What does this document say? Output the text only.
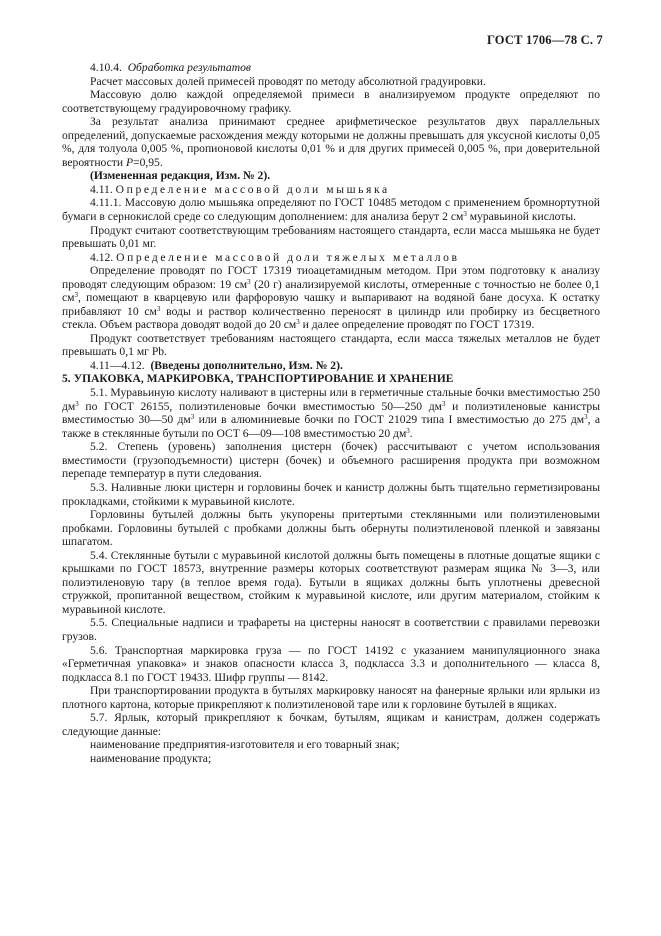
ГОСТ 1706—78 С. 7

4.10.4. Обработка результатов

Расчет массовых долей примесей проводят по методу абсолютной градуировки.

Массовую долю каждой определяемой примеси в анализируемом продукте определяют по соответствующему градуировочному графику.

За результат анализа принимают среднее арифметическое результатов двух параллельных определений, допускаемые расхождения между которыми не должны превышать для уксусной кислоты 0,05 %, для толуола 0,005 %, пропионовой кислоты 0,01 % и для других примесей 0,005 %, при доверительной вероятности P=0,95.

(Измененная редакция, Изм. № 2).

4.11. Определение массовой доли мышьяка

4.11.1. Массовую долю мышьяка определяют по ГОСТ 10485 методом с применением бромнортутной бумаги в сернокислой среде со следующим дополнением: для анализа берут 2 $см^3$ муравьиной кислоты.

Продукт считают соответствующим требованиям настоящего стандарта, если масса мышьяка не будет превышать 0,01 мг.

4.12. Определение массовой доли тяжелых металлов

Определение проводят по ГОСТ 17319 тиоацетамидным методом. При этом подготовку к анализу проводят следующим образом: 19 $см^3$ (20 г) анализируемой кислоты, отмеренные с точностью не более 0,1 $см^3$, помещают в кварцевую или фарфоровую чашку и выпаривают на водяной бане досуха. К остатку прибавляют 10 $см^3$ воды и раствор количественно переносят в цилиндр или пробирку из бесцветного стекла. Объем раствора доводят водой до 20 $см^3$ и далее определение проводят по ГОСТ 17319.

Продукт соответствует требованиям настоящего стандарта, если масса тяжелых металлов не будет превышать 0,1 мг Pb.

4.11—4.12. (Введены дополнительно, Изм. № 2).

5. УПАКОВКА, МАРКИРОВКА, ТРАНСПОРТИРОВАНИЕ И ХРАНЕНИЕ

5.1. Муравьиную кислоту наливают в цистерны или в герметичные стальные бочки вместимостью 250 $дм^3$ по ГОСТ 26155, полиэтиленовые бочки вместимостью 50—250 $дм^3$ и полиэтиленовые канистры вместимостью 30—50 $дм^3$ или в алюминиевые бочки по ГОСТ 21029 типа I вместимостью до 275 $дм^3$, а также в стеклянные бутыли по ОСТ 6—09—108 вместимостью 20 $дм^3$.

5.2. Степень (уровень) заполнения цистерн (бочек) рассчитывают с учетом использования вместимости (грузоподъемности) цистерн (бочек) и объемного расширения продукта при возможном перепаде температур в пути следования.

5.3. Наливные люки цистерн и горловины бочек и канистр должны быть тщательно герметизированы прокладками, стойкими к муравьиной кислоте.

Горловины бутылей должны быть укупорены притертыми стеклянными или полиэтиленовыми пробками. Горловины бутылей с пробками должны быть обернуты полиэтиленовой пленкой и завязаны шпагатом.

5.4. Стеклянные бутыли с муравьиной кислотой должны быть помещены в плотные дощатые ящики с крышками по ГОСТ 18573, внутренние размеры которых соответствуют размерам ящика № 3—3, или полиэтиленовую тару (в теплое время года). Бутыли в ящиках должны быть уплотнены древесной стружкой, пропитанной веществом, стойким к муравьиной кислоте, или другим материалом, стойким к муравьиной кислоте.

5.5. Специальные надписи и трафареты на цистерны наносят в соответствии с правилами перевозки грузов.

5.6. Транспортная маркировка груза — по ГОСТ 14192 с указанием манипуляционного знака «Герметичная упаковка» и знаков опасности класса 3, подкласса 3.3 и дополнительного — класса 8, подкласса 8.1 по ГОСТ 19433. Шифр группы — 8142.

При транспортировании продукта в бутылях маркировку наносят на фанерные ярлыки или ярлыки из плотного картона, которые прикрепляют к полиэтиленовой таре или к горловине бутылей в ящиках.

5.7. Ярлык, который прикрепляют к бочкам, бутылям, ящикам и канистрам, должен содержать следующие данные:

наименование предприятия-изготовителя и его товарный знак;

наименование продукта;
